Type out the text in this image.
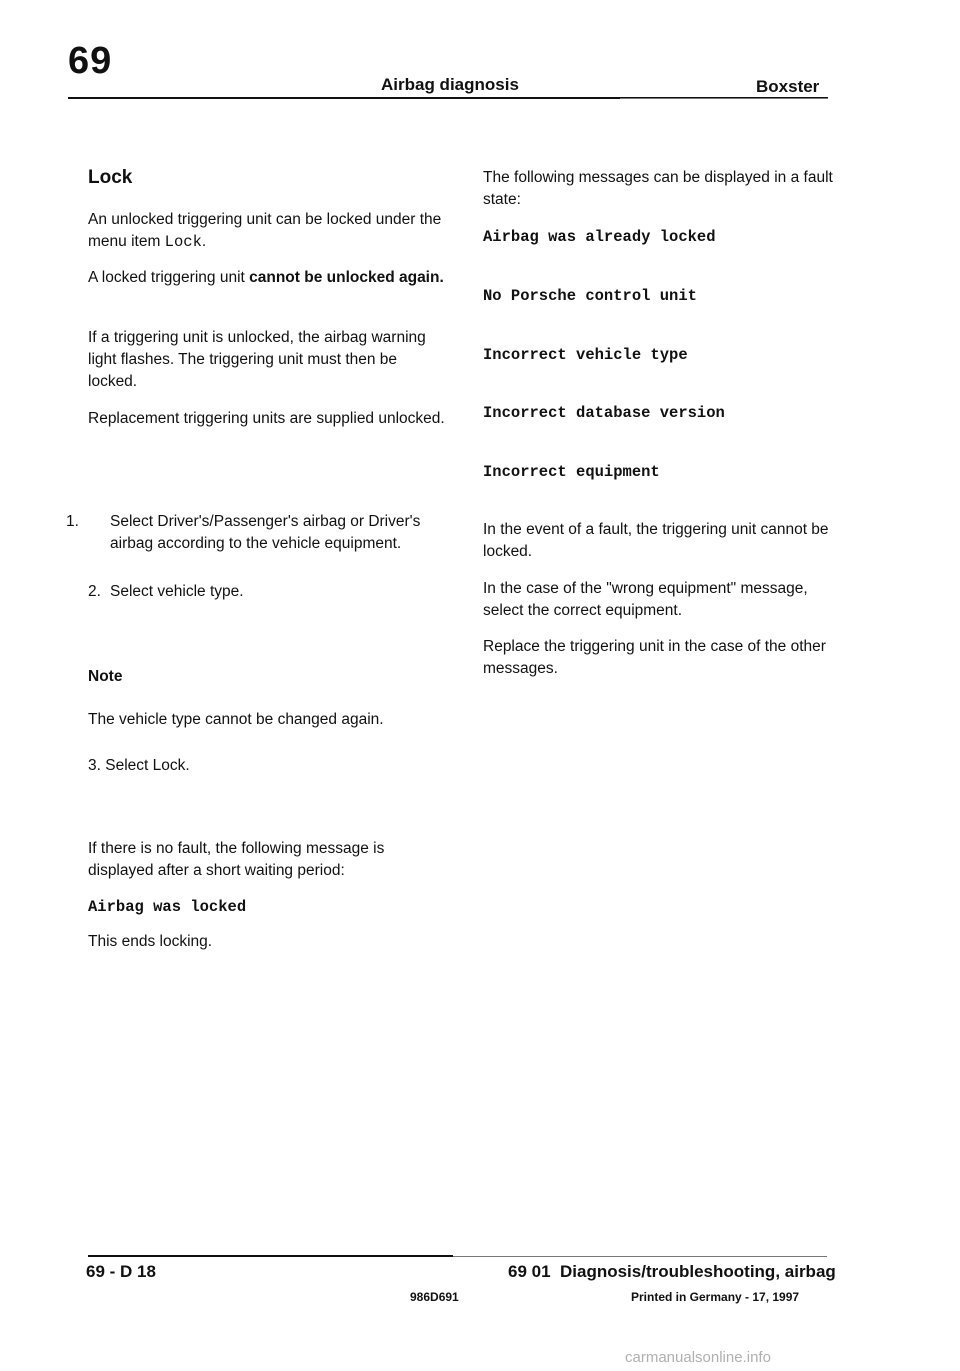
69
Airbag diagnosis	Boxster

Lock

An unlocked triggering unit can be locked under the menu item Lock.

A locked triggering unit cannot be unlocked again.

If a triggering unit is unlocked, the airbag warning light flashes. The triggering unit must then be locked.

Replacement triggering units are supplied unlocked.

1. Select Driver's/Passenger's airbag or Driver's airbag according to the vehicle equipment.

2. Select vehicle type.

Note

The vehicle type cannot be changed again.

3. Select Lock.

If there is no fault, the following message is displayed after a short waiting period:

Airbag was locked

This ends locking.

The following messages can be displayed in a fault state:

Airbag was already locked

No Porsche control unit

Incorrect vehicle type

Incorrect database version

Incorrect equipment

In the event of a fault, the triggering unit cannot be locked.

In the case of the "wrong equipment" message, select the correct equipment.

Replace the triggering unit in the case of the other messages.

69 - D 18	69 01  Diagnosis/troubleshooting, airbag
986D691	Printed in Germany - 17, 1997
carmanualsonline.info
